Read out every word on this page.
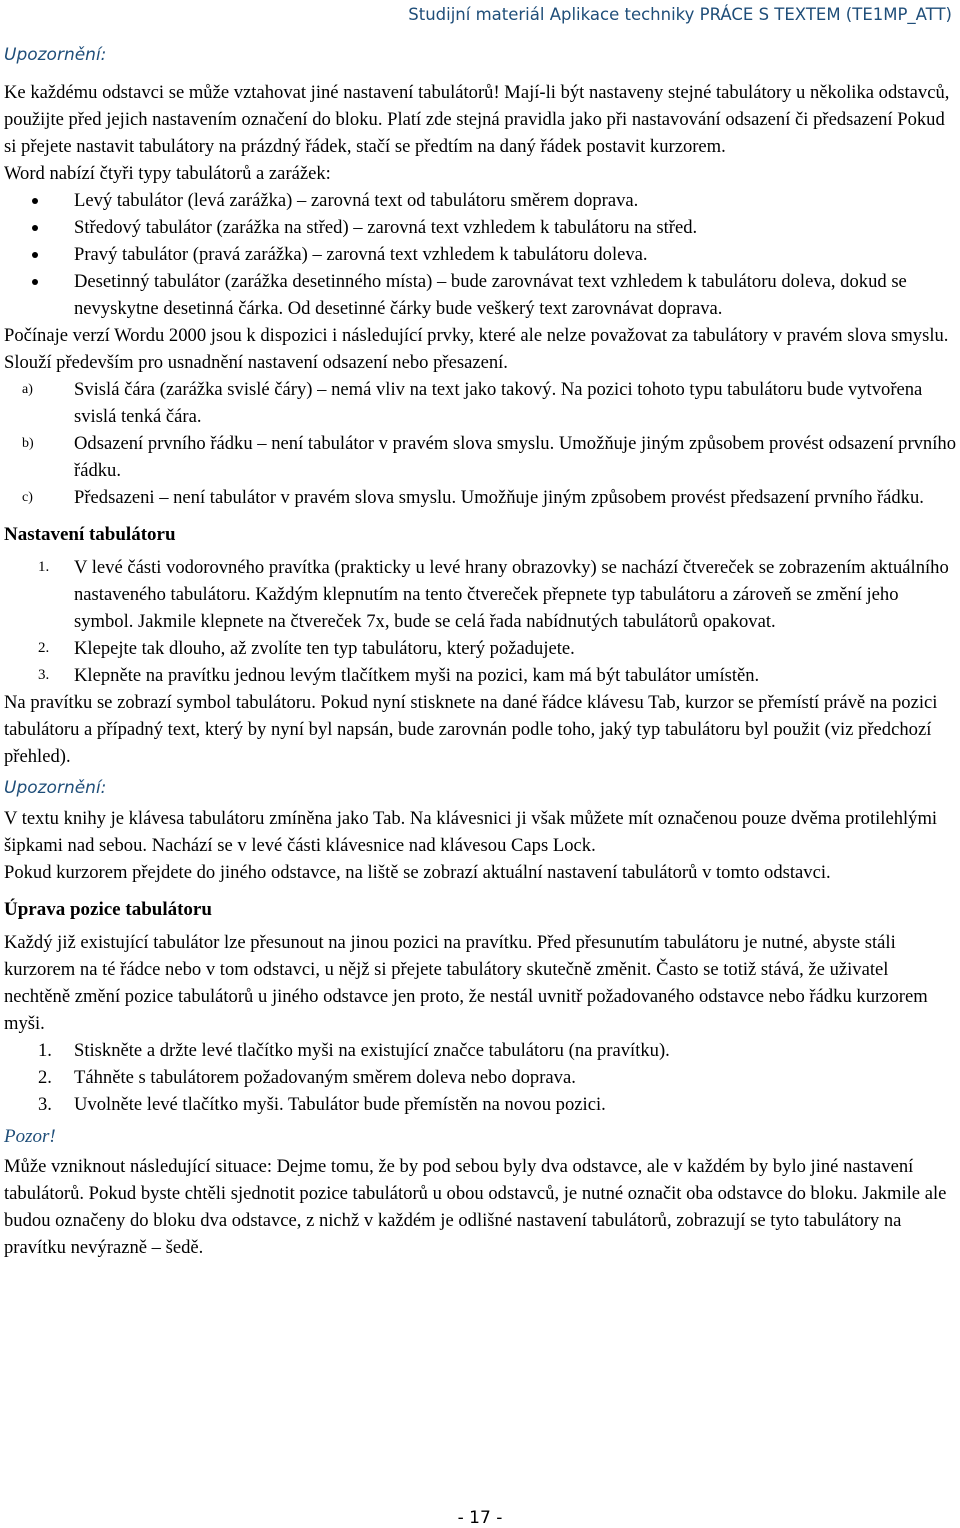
Studijní materiál Aplikace techniky PRÁCE S TEXTEM (TE1MP_ATT)
Upozornění:

Ke každému odstavci se může vztahovat jiné nastavení tabulátorů! Mají-li být nastaveny stejné tabulátory u několika odstavců, použijte před jejich nastavením označení do bloku. Platí zde stejná pravidla jako při nastavování odsazení či předsazení Pokud si přejete nastavit tabulátory na prázdný řádek, stačí se předtím na daný řádek postavit kurzorem.

Word nabízí čtyři typy tabulátorů a zarážek:

Levý tabulátor (levá zarážka) – zarovná text od tabulátoru směrem doprava.
Středový tabulátor (zarážka na střed) – zarovná text vzhledem k tabulátoru na střed.
Pravý tabulátor (pravá zarážka) – zarovná text vzhledem k tabulátoru doleva.
Desetinný tabulátor (zarážka desetinného místa) – bude zarovnávat text vzhledem k tabulátoru doleva, dokud se nevyskytne desetinná čárka. Od desetinné čárky bude veškerý text zarovnávat doprava.

Počínaje verzí Wordu 2000 jsou k dispozici i následující prvky, které ale nelze považovat za tabulátory v pravém slova smyslu. Slouží především pro usnadnění nastavení odsazení nebo přesazení.

a) Svislá čára (zarážka svislé čáry) – nemá vliv na text jako takový. Na pozici tohoto typu tabulátoru bude vytvořena svislá tenká čára.
b) Odsazení prvního řádku – není tabulátor v pravém slova smyslu. Umožňuje jiným způsobem provést odsazení prvního řádku.
c) Předsazeni – není tabulátor v pravém slova smyslu. Umožňuje jiným způsobem provést předsazení prvního řádku.
Nastavení tabulátoru
1. V levé části vodorovného pravítka (prakticky u levé hrany obrazovky) se nachází čtvereček se zobrazením aktuálního nastaveného tabulátoru. Každým klepnutím na tento čtvereček přepnete typ tabulátoru a zároveň se změní jeho symbol. Jakmile klepnete na čtvereček 7x, bude se celá řada nabídnutých tabulátorů opakovat.
2. Klepejte tak dlouho, až zvolíte ten typ tabulátoru, který požadujete.
3. Klepněte na pravítku jednou levým tlačítkem myši na pozici, kam má být tabulátor umístěn.

Na pravítku se zobrazí symbol tabulátoru. Pokud nyní stisknete na dané řádce klávesu Tab, kurzor se přemístí právě na pozici tabulátoru a případný text, který by nyní byl napsán, bude zarovnán podle toho, jaký typ tabulátoru byl použit (viz předchozí přehled).

Upozornění:

V textu knihy je klávesa tabulátoru zmíněna jako Tab. Na klávesnici ji však můžete mít označenou pouze dvěma protilehlými šipkami nad sebou. Nachází se v levé části klávesnice nad klávesou Caps Lock.

Pokud kurzorem přejdete do jiného odstavce, na liště se zobrazí aktuální nastavení tabulátorů v tomto odstavci.

Úprava pozice tabulátoru

Každý již existující tabulátor lze přesunout na jinou pozici na pravítku. Před přesunutím tabulátoru je nutné, abyste stáli kurzorem na té řádce nebo v tom odstavci, u nějž si přejete tabulátory skutečně změnit. Často se totiž stává, že uživatel nechtěně změní pozice tabulátorů u jiného odstavce jen proto, že nestál uvnitř požadovaného odstavce nebo řádku kurzorem myši.

1. Stiskněte a držte levé tlačítko myši na existující značce tabulátoru (na pravítku).
2. Táhněte s tabulátorem požadovaným směrem doleva nebo doprava.
3. Uvolněte levé tlačítko myši. Tabulátor bude přemístěn na novou pozici.
Pozor!

Může vzniknout následující situace: Dejme tomu, že by pod sebou byly dva odstavce, ale v každém by bylo jiné nastavení tabulátorů. Pokud byste chtěli sjednotit pozice tabulátorů u obou odstavců, je nutné označit oba odstavce do bloku. Jakmile ale budou označeny do bloku dva odstavce, z nichž v každém je odlišné nastavení tabulátorů, zobrazují se tyto tabulátory na pravítku nevýrazně – šedě.

- 17 -
